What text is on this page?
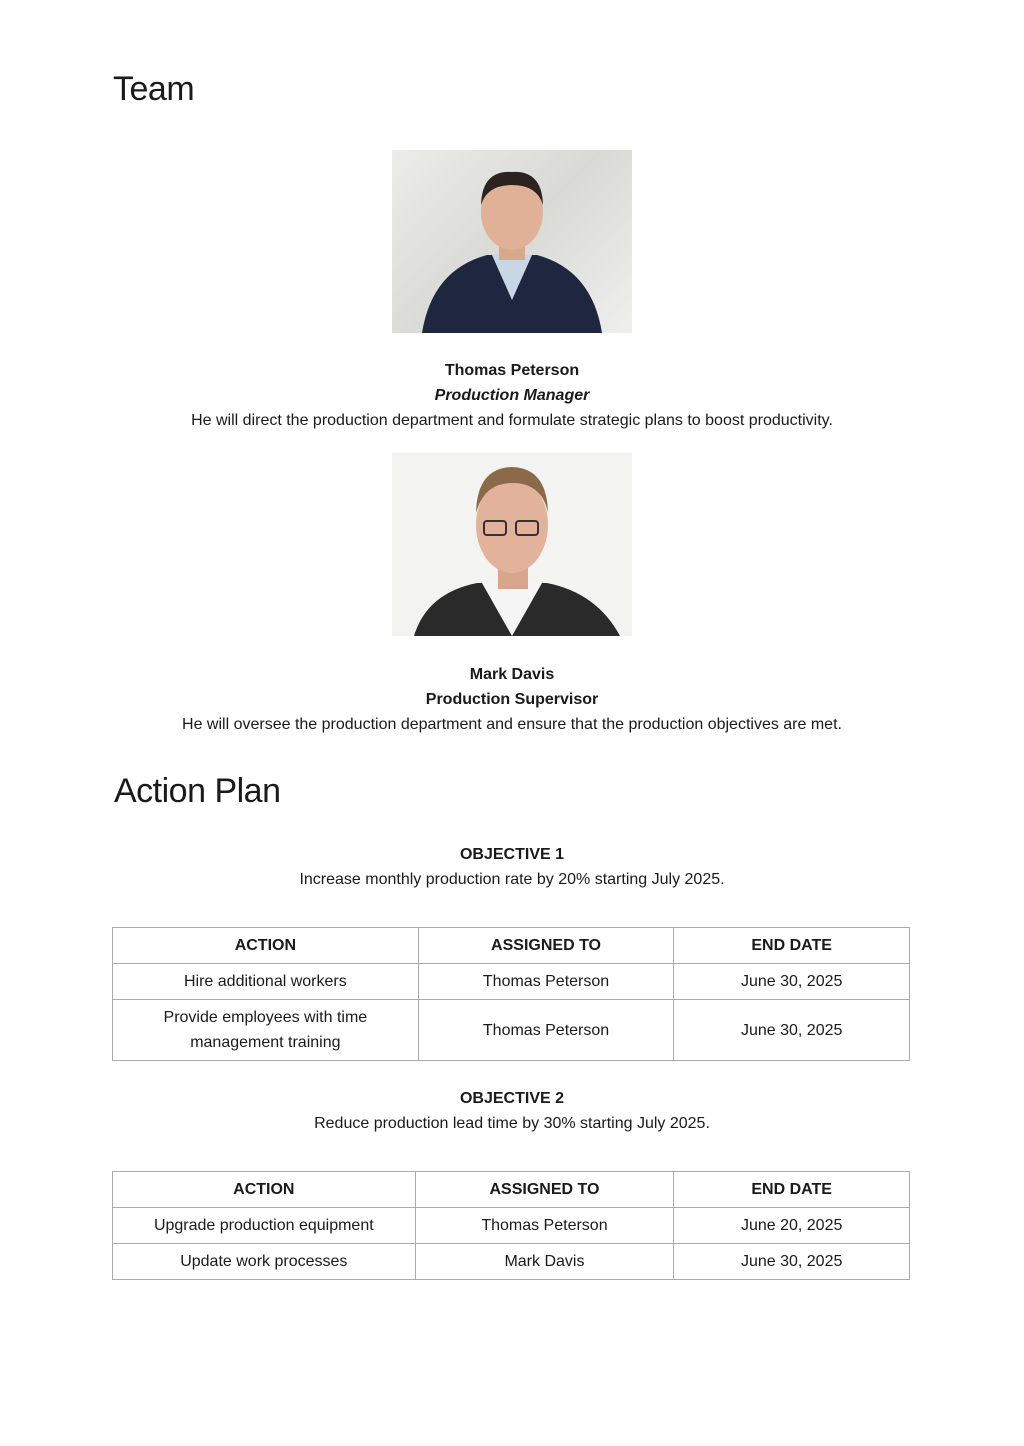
Team
Thomas Peterson
Production Manager
He will direct the production department and formulate strategic plans to boost productivity.
Mark Davis
Production Supervisor
He will oversee the production department and ensure that the production objectives are met.
Action Plan
OBJECTIVE 1
Increase monthly production rate by 20% starting July 2025.
ACTION	ASSIGNED TO	END DATE
Hire additional workers	Thomas Peterson	June 30, 2025
Provide employees with time management training	Thomas Peterson	June 30, 2025
OBJECTIVE 2
Reduce production lead time by 30% starting July 2025.
ACTION	ASSIGNED TO	END DATE
Upgrade production equipment	Thomas Peterson	June 20, 2025
Update work processes	Mark Davis	June 30, 2025
